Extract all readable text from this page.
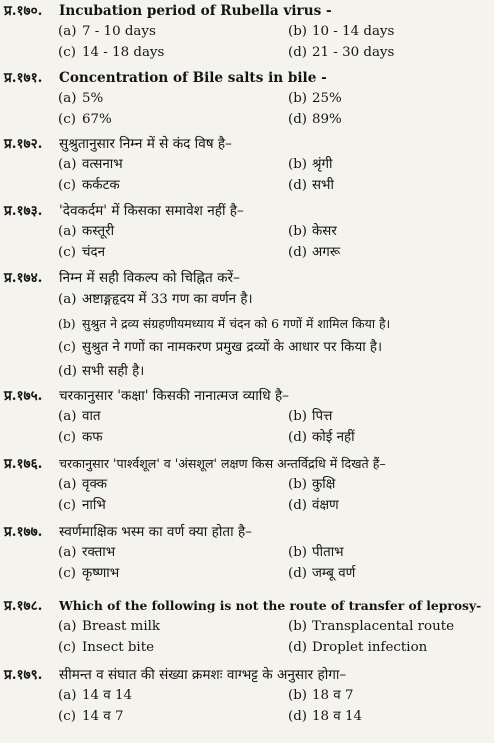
प्र.१७०.	Incubation period of Rubella virus -
(a) 7 - 10 days	(b) 10 - 14 days
(c) 14 - 18 days	(d) 21 - 30 days
प्र.१७१.	Concentration of Bile salts in bile -
(a) 5%	(b) 25%
(c) 67%	(d) 89%
प्र.१७२.	सुश्रुतानुसार निम्न में से कंद विष है–
(a) वत्सनाभ	(b) श्रृंगी
(c) कर्कटक	(d) सभी
प्र.१७३.	'देवकर्दम' में किसका समावेश नहीं है–
(a) कस्तूरी	(b) केसर
(c) चंदन	(d) अगरू
प्र.१७४.	निम्न में सही विकल्प को चिह्नित करें–
(a) अष्टाङ्गहृदय में 33 गण का वर्णन है।
(b) सुश्रुत ने द्रव्य संग्रहणीयमध्याय में चंदन को 6 गणों में शामिल किया है।
(c) सुश्रुत ने गणों का नामकरण प्रमुख द्रव्यों के आधार पर किया है।
(d) सभी सही है।
प्र.१७५.	चरकानुसार 'कक्षा' किसकी नानात्मज व्याधि है–
(a) वात	(b) पित्त
(c) कफ	(d) कोई नहीं
प्र.१७६.	चरकानुसार 'पार्श्वशूल' व 'अंसशूल' लक्षण किस अन्तर्विद्रधि में दिखते हैं–
(a) वृक्क	(b) कुक्षि
(c) नाभि	(d) वंक्षण
प्र.१७७.	स्वर्णमाक्षिक भस्म का वर्ण क्या होता है–
(a) रक्ताभ	(b) पीताभ
(c) कृष्णाभ	(d) जम्बू वर्ण
प्र.१७८.	Which of the following is not the route of transfer of leprosy-
(a) Breast milk	(b) Transplacental route
(c) Insect bite	(d) Droplet infection
प्र.१७९.	सीमन्त व संघात की संख्या क्रमशः वाग्भट्ट के अनुसार होगा–
(a) 14 व 14	(b) 18 व 7
(c) 14 व 7	(d) 18 व 14
